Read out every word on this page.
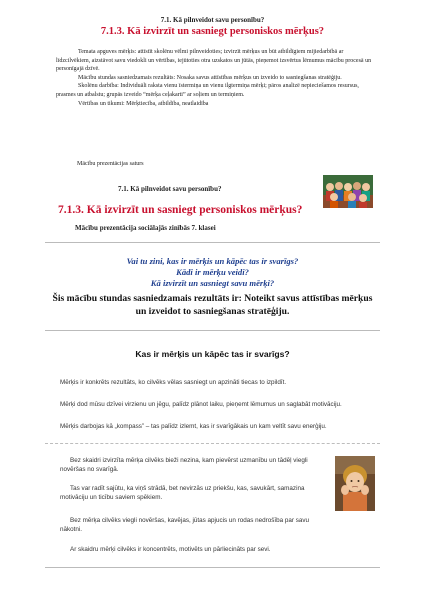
7.1. Kā pilnveidot savu personību?
7.1.3. Kā izvirzīt un sasniegt personiskos mērķus?

Temata apguves mērķis: attīstīt skolēnu vēlmi pilnveidoties; izvirzīt mērķus un būt atbildīgiem mijiedarbībā ar līdzcilvēkiem, aizstāvot savu viedokli un vērtības, iejūtoties otra uzskatos un jūtās, pieņemot izsvērtus lēmumus mācību procesā un personīgajā dzīvē.

Mācību stundas sasniedzamais rezultāts: Nosaka savus attīstības mērķus un izveido to sasniegšanas stratēģiju.

Skolēnu darbība: Individuāli raksta vienu īstermiņa un vienu ilgtermiņa mērķi; pāros analizē nepieciešamos resursus, prasmes un atbalstu; grupās izveido “mērķa ceļakarti” ar soļiem un termiņiem.

Vērtības un tikumi: Mērķtiecība, atbildība, neatlaidība

Mācību prezentācijas saturs
7.1. Kā pilnveidot savu personību?
7.1.3. Kā izvirzīt un sasniegt personiskos mērķus?
Mācību prezentācija sociālajās zinībās 7. klasei
Vai tu zini, kas ir mērķis un kāpēc tas ir svarīgs?
Kādi ir mērķu veidi?
Kā izvirzīt un sasniegt savu mērķi?
Šis mācību stundas sasniedzamais rezultāts ir: Noteikt savus attīstības mērķus un izveidot to sasniegšanas stratēģiju.
Kas ir mērķis un kāpēc tas ir svarīgs?
Mērķis ir konkrēts rezultāts, ko cilvēks vēlas sasniegt un apzināti tiecas to izpildīt.
Mērķi dod mūsu dzīvei virzienu un jēgu, palīdz plānot laiku, pieņemt lēmumus un saglabāt motivāciju.
Mērķis darbojas kā „kompass” – tas palīdz izlemt, kas ir svarīgākais un kam veltīt savu enerģiju.
Bez skaidri izvirzīta mērķa cilvēks bieži nezina, kam pievērst uzmanību un tādēļ viegli novēršas no svarīgā.
Tas var radīt sajūtu, ka viņš strādā, bet nevirzās uz priekšu, kas, savukārt, samazina motivāciju un ticību saviem spēkiem.
Bez mērķa cilvēks viegli novēršas, kavējas, jūtas apjucis un rodas nedrošība par savu nākotni.
Ar skaidru mērķi cilvēks ir koncentrēts, motivēts un pārliecināts par sevi.
